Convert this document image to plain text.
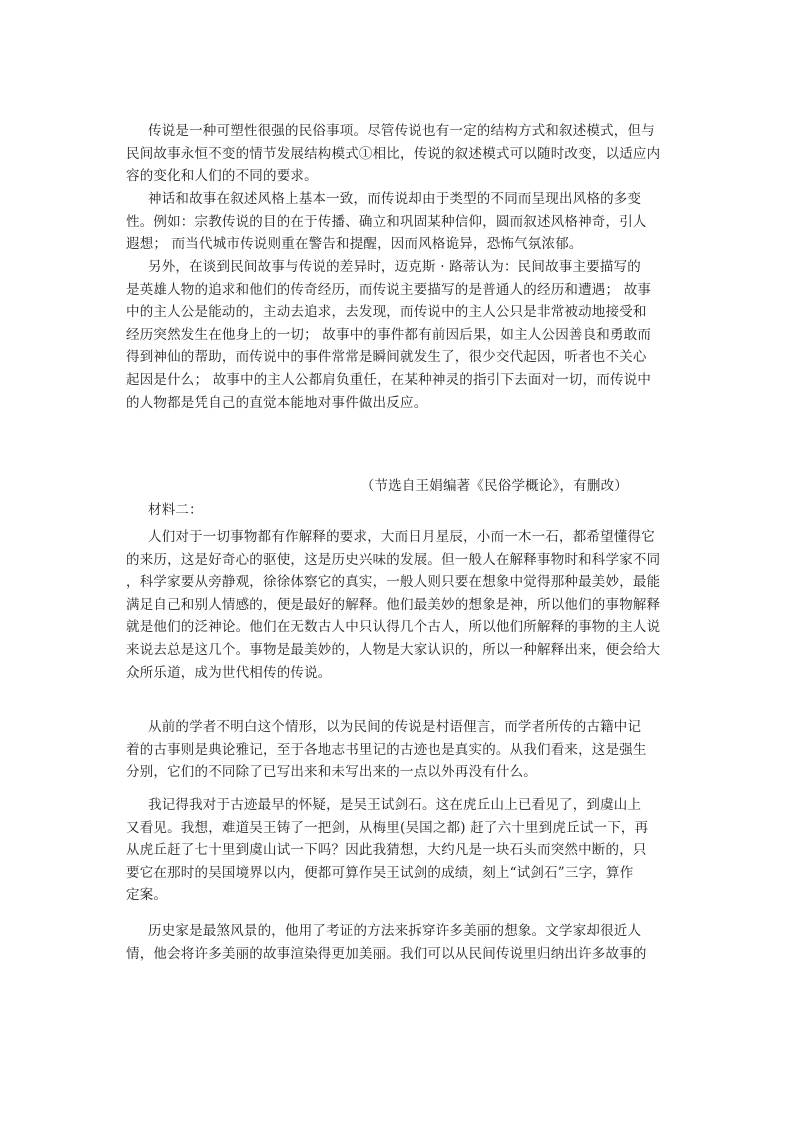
传说是一种可塑性很强的民俗事项。尽管传说也有一定的结构方式和叙述模式，但与
民间故事永恒不变的情节发展结构模式①相比，传说的叙述模式可以随时改变，以适应内
容的变化和人们的不同的要求。
神话和故事在叙述风格上基本一致，而传说却由于类型的不同而呈现出风格的多变
性。例如：宗教传说的目的在于传播、确立和巩固某种信仰，圆而叙述风格神奇，引人
遐想； 而当代城市传说则重在警告和提醒，因而风格诡异，恐怖气氛浓郁。
另外，在谈到民间故事与传说的差异时，迈克斯 · 路蒂认为：民间故事主要描写的
是英雄人物的追求和他们的传奇经历，而传说主要描写的是普通人的经历和遭遇； 故事
中的主人公是能动的，主动去追求，去发现，而传说中的主人公只是非常被动地接受和
经历突然发生在他身上的一切； 故事中的事件都有前因后果，如主人公因善良和勇敢而
得到神仙的帮助，而传说中的事件常常是瞬间就发生了，很少交代起因，听者也不关心
起因是什么； 故事中的主人公都肩负重任，在某种神灵的指引下去面对一切，而传说中
的人物都是凭自己的直觉本能地对事件做出反应。
（节选自王娟编著《民俗学概论》，有删改）
材料二：
人们对于一切事物都有作解释的要求，大而日月星辰，小而一木一石，都希望懂得它
的来历，这是好奇心的驱使，这是历史兴味的发展。但一般人在解释事物时和科学家不同
，科学家要从旁静观，徐徐体察它的真实，一般人则只要在想象中觉得那种最美妙，最能
满足自己和别人情感的，便是最好的解释。他们最美妙的想象是神，所以他们的事物解释
就是他们的泛神论。他们在无数古人中只认得几个古人，所以他们所解释的事物的主人说
来说去总是这几个。事物是最美妙的，人物是大家认识的，所以一种解释出来，便会给大
众所乐道，成为世代相传的传说。
从前的学者不明白这个情形，以为民间的传说是村语俚言，而学者所传的古籍中记
着的古事则是典论雅记，至于各地志书里记的古迹也是真实的。从我们看来，这是强生
分别，它们的不同除了已写出来和未写出来的一点以外再没有什么。
我记得我对于古迹最早的怀疑，是吴王试剑石。这在虎丘山上已看见了，到虞山上
又看见。我想，难道吴王铸了一把剑，从梅里(吴国之都) 赶了六十里到虎丘试一下，再
从虎丘赶了七十里到虞山试一下吗？因此我猜想，大约凡是一块石头而突然中断的，只
要它在那时的吴国境界以内，便都可算作吴王试剑的成绩，刻上“试剑石”三字，算作
定案。
历史家是最煞风景的，他用了考证的方法来拆穿许多美丽的想象。文学家却很近人
情，他会将许多美丽的故事渲染得更加美丽。我们可以从民间传说里归纳出许多故事的
